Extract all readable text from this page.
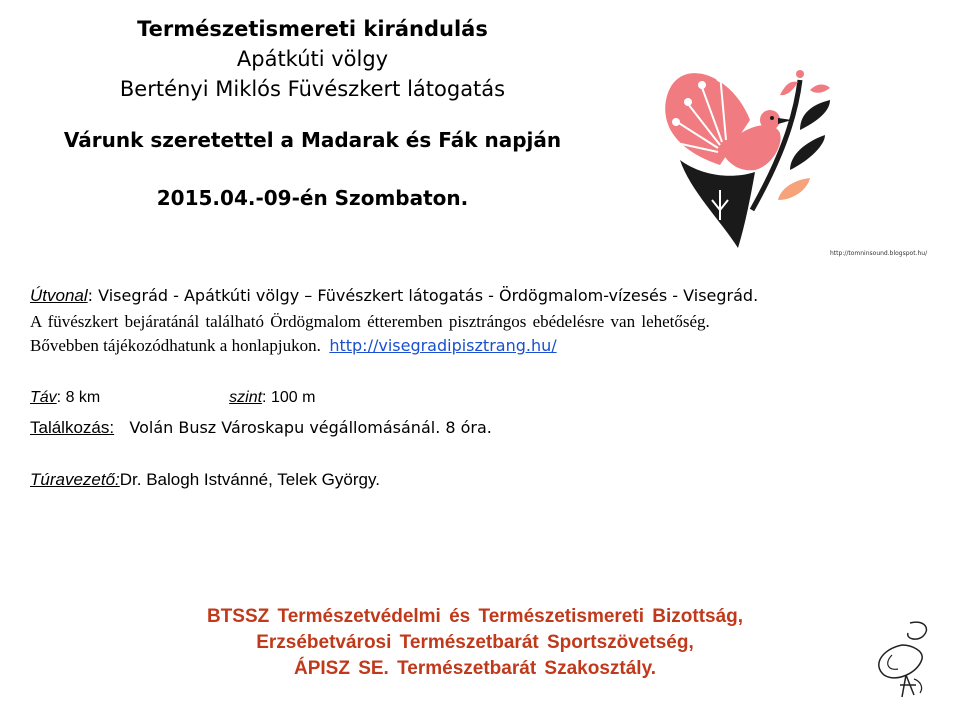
Természetismereti kirándulás
Apátkúti völgy
Bertényi Miklós Füvészkert látogatás
Várunk szeretettel a Madarak és Fák napján
2015.04.-09-én Szombaton.
http://tomninsound.blogspot.hu/
Útvonal: Visegrád - Apátkúti völgy – Füvészkert látogatás - Ördögmalom-vízesés - Visegrád.
A füvészkert bejáratánál található Ördögmalom étteremben pisztrángos ebédelésre van lehetőség.
Bővebben tájékozódhatunk a honlapjukon. http://visegradipisztrang.hu/
Táv: 8 km	szint: 100 m
Találkozás: Volán Busz Városkapu végállomásánál. 8 óra.
Túravezető:Dr. Balogh Istvánné, Telek György.
BTSSZ Természetvédelmi és Természetismereti Bizottság,
Erzsébetvárosi Természetbarát Sportszövetség,
ÁPISZ SE. Természetbarát Szakosztály.
